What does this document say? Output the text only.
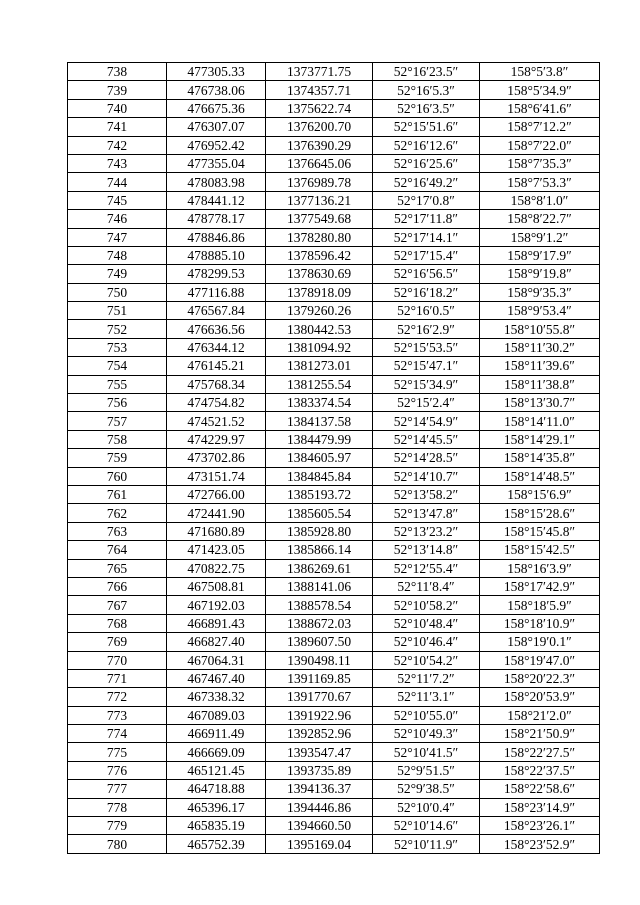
738	477305.33	1373771.75	52°16′23.5″	158°5′3.8″
739	476738.06	1374357.71	52°16′5.3″	158°5′34.9″
740	476675.36	1375622.74	52°16′3.5″	158°6′41.6″
741	476307.07	1376200.70	52°15′51.6″	158°7′12.2″
742	476952.42	1376390.29	52°16′12.6″	158°7′22.0″
743	477355.04	1376645.06	52°16′25.6″	158°7′35.3″
744	478083.98	1376989.78	52°16′49.2″	158°7′53.3″
745	478441.12	1377136.21	52°17′0.8″	158°8′1.0″
746	478778.17	1377549.68	52°17′11.8″	158°8′22.7″
747	478846.86	1378280.80	52°17′14.1″	158°9′1.2″
748	478885.10	1378596.42	52°17′15.4″	158°9′17.9″
749	478299.53	1378630.69	52°16′56.5″	158°9′19.8″
750	477116.88	1378918.09	52°16′18.2″	158°9′35.3″
751	476567.84	1379260.26	52°16′0.5″	158°9′53.4″
752	476636.56	1380442.53	52°16′2.9″	158°10′55.8″
753	476344.12	1381094.92	52°15′53.5″	158°11′30.2″
754	476145.21	1381273.01	52°15′47.1″	158°11′39.6″
755	475768.34	1381255.54	52°15′34.9″	158°11′38.8″
756	474754.82	1383374.54	52°15′2.4″	158°13′30.7″
757	474521.52	1384137.58	52°14′54.9″	158°14′11.0″
758	474229.97	1384479.99	52°14′45.5″	158°14′29.1″
759	473702.86	1384605.97	52°14′28.5″	158°14′35.8″
760	473151.74	1384845.84	52°14′10.7″	158°14′48.5″
761	472766.00	1385193.72	52°13′58.2″	158°15′6.9″
762	472441.90	1385605.54	52°13′47.8″	158°15′28.6″
763	471680.89	1385928.80	52°13′23.2″	158°15′45.8″
764	471423.05	1385866.14	52°13′14.8″	158°15′42.5″
765	470822.75	1386269.61	52°12′55.4″	158°16′3.9″
766	467508.81	1388141.06	52°11′8.4″	158°17′42.9″
767	467192.03	1388578.54	52°10′58.2″	158°18′5.9″
768	466891.43	1388672.03	52°10′48.4″	158°18′10.9″
769	466827.40	1389607.50	52°10′46.4″	158°19′0.1″
770	467064.31	1390498.11	52°10′54.2″	158°19′47.0″
771	467467.40	1391169.85	52°11′7.2″	158°20′22.3″
772	467338.32	1391770.67	52°11′3.1″	158°20′53.9″
773	467089.03	1391922.96	52°10′55.0″	158°21′2.0″
774	466911.49	1392852.96	52°10′49.3″	158°21′50.9″
775	466669.09	1393547.47	52°10′41.5″	158°22′27.5″
776	465121.45	1393735.89	52°9′51.5″	158°22′37.5″
777	464718.88	1394136.37	52°9′38.5″	158°22′58.6″
778	465396.17	1394446.86	52°10′0.4″	158°23′14.9″
779	465835.19	1394660.50	52°10′14.6″	158°23′26.1″
780	465752.39	1395169.04	52°10′11.9″	158°23′52.9″
